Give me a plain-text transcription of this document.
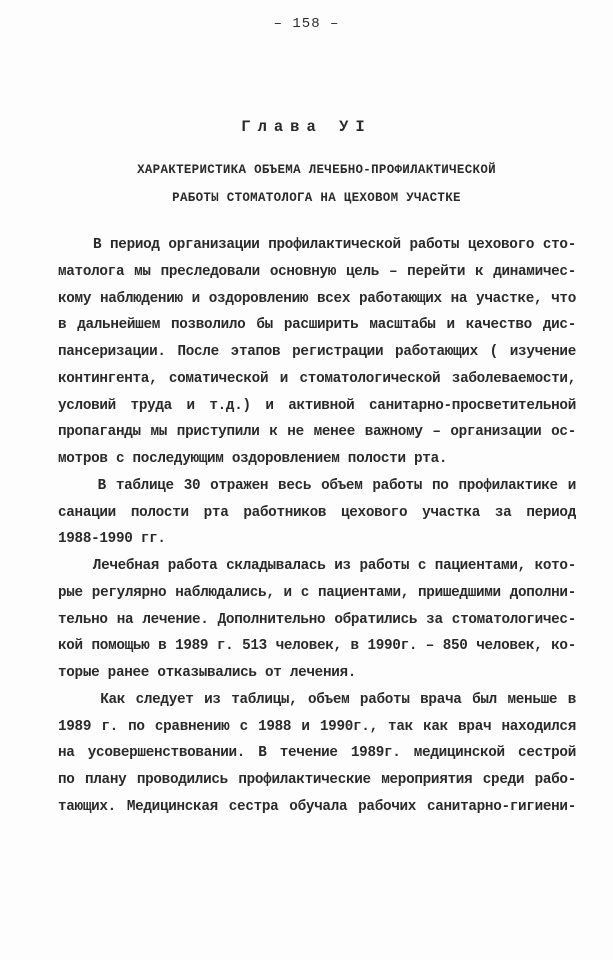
– 158 –
Глава УI
ХАРАКТЕРИСТИКА ОБЪЕМА ЛЕЧЕБНО-ПРОФИЛАКТИЧЕСКОЙ
РАБОТЫ СТОМАТОЛОГА НА ЦЕХОВОМ УЧАСТКЕ
В период организации профилактической работы цехового сто-
матолога мы преследовали основную цель – перейти к динамичес-
кому наблюдению и оздоровлению всех работающих на участке, что
в дальнейшем позволило бы расширить масштабы и качество дис-
пансеризации. После этапов регистрации работающих ( изучение
контингента, соматической и стоматологической заболеваемости,
условий труда и т.д.) и активной санитарно-просветительной
пропаганды мы приступили к не менее важному – организации ос-
мотров с последующим оздоровлением полости рта.
В таблице 30 отражен весь объем работы по профилактике и
санации полости рта работников цехового участка за период
1988-1990 гг.
Лечебная работа складывалась из работы с пациентами, кото-
рые регулярно наблюдались, и с пациентами, пришедшими дополни-
тельно на лечение. Дополнительно обратились за стоматологичес-
кой помощью в 1989 г. 513 человек, в 1990г. – 850 человек, ко-
торые ранее отказывались от лечения.
Как следует из таблицы, объем работы врача был меньше в
1989 г. по сравнению с 1988 и 1990г., так как врач находился
на усовершенствовании. В течение 1989г. медицинской сестрой
по плану проводились профилактические мероприятия среди рабо-
тающих. Медицинская сестра обучала рабочих санитарно-гигиени-
